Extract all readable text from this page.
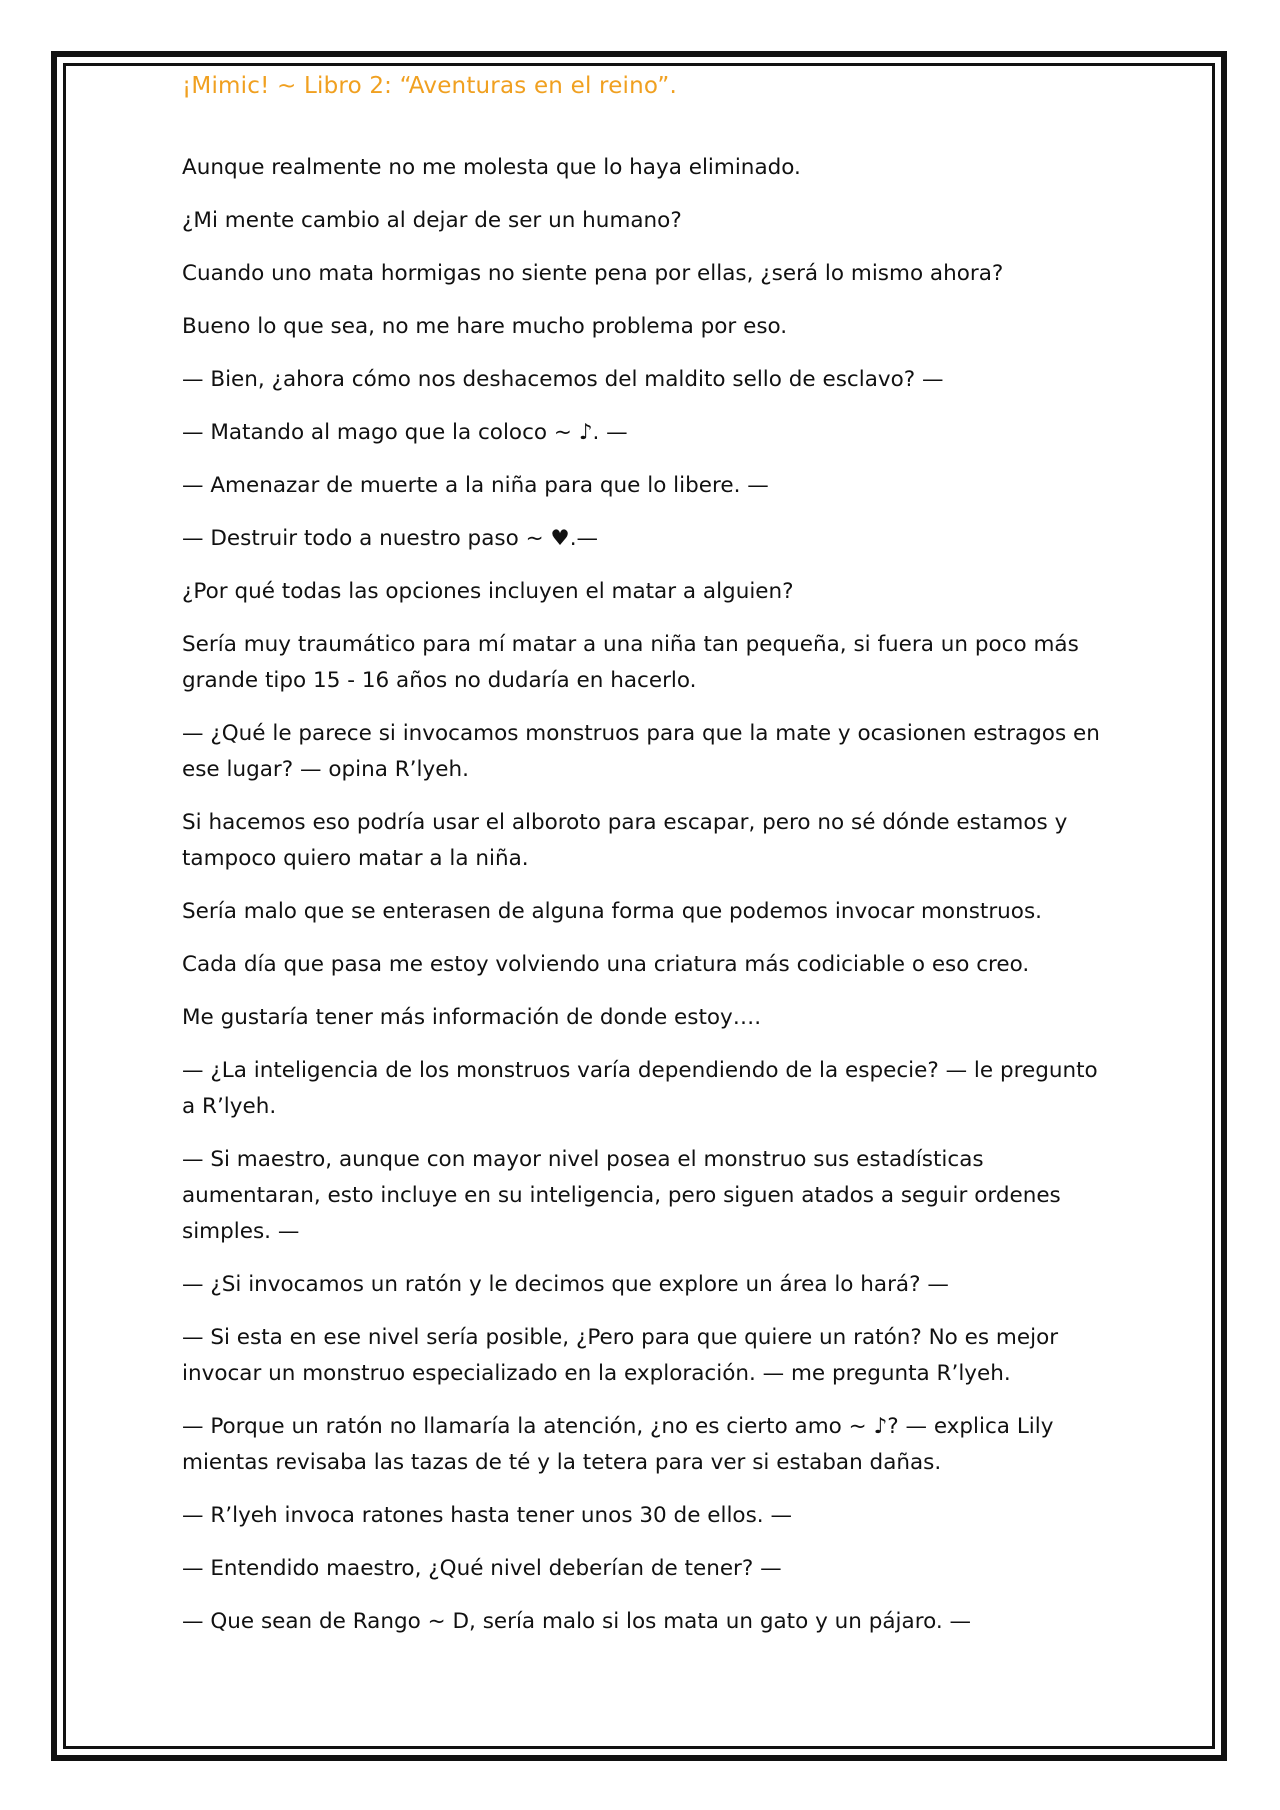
¡Mimic! ~ Libro 2: “Aventuras en el reino”.

Aunque realmente no me molesta que lo haya eliminado.

¿Mi mente cambio al dejar de ser un humano?

Cuando uno mata hormigas no siente pena por ellas, ¿será lo mismo ahora?

Bueno lo que sea, no me hare mucho problema por eso.

— Bien, ¿ahora cómo nos deshacemos del maldito sello de esclavo? —

— Matando al mago que la coloco ~ ♪. —

— Amenazar de muerte a la niña para que lo libere. —

— Destruir todo a nuestro paso ~ ♥.—

¿Por qué todas las opciones incluyen el matar a alguien?

Sería muy traumático para mí matar a una niña tan pequeña, si fuera un poco más grande tipo 15 - 16 años no dudaría en hacerlo.

— ¿Qué le parece si invocamos monstruos para que la mate y ocasionen estragos en ese lugar? — opina R’lyeh.

Si hacemos eso podría usar el alboroto para escapar, pero no sé dónde estamos y tampoco quiero matar a la niña.

Sería malo que se enterasen de alguna forma que podemos invocar monstruos.

Cada día que pasa me estoy volviendo una criatura más codiciable o eso creo.

Me gustaría tener más información de donde estoy….

— ¿La inteligencia de los monstruos varía dependiendo de la especie? — le pregunto a R’lyeh.

— Si maestro, aunque con mayor nivel posea el monstruo sus estadísticas aumentaran, esto incluye en su inteligencia, pero siguen atados a seguir ordenes simples. —

— ¿Si invocamos un ratón y le decimos que explore un área lo hará? —

— Si esta en ese nivel sería posible, ¿Pero para que quiere un ratón? No es mejor invocar un monstruo especializado en la exploración. — me pregunta R’lyeh.

— Porque un ratón no llamaría la atención, ¿no es cierto amo ~ ♪? — explica Lily mientas revisaba las tazas de té y la tetera para ver si estaban dañas.

— R’lyeh invoca ratones hasta tener unos 30 de ellos. —

— Entendido maestro, ¿Qué nivel deberían de tener? —

— Que sean de Rango ~ D, sería malo si los mata un gato y un pájaro. —
